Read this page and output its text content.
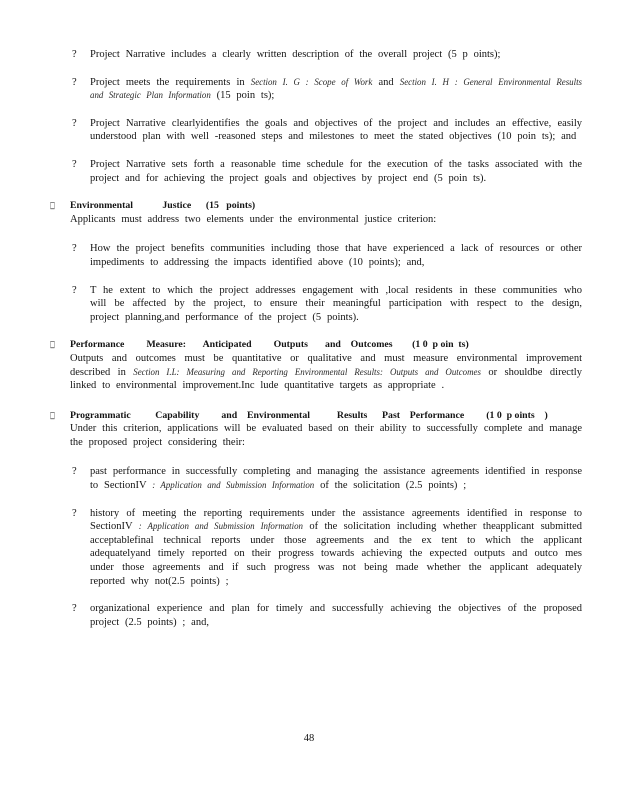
?	Project Narrative includes a clearly written description of the overall project (5 p oints);

?	Project meets the requirements in Section I. G : Scope of Work and Section I. H : General Environmental Results and Strategic Plan Information (15 poin ts);

?	Project Narrative clearlyidentifies the goals and objectives of the project and includes an effective, easily understood plan with well -reasoned steps and milestones to meet the stated objectives (10 poin ts); and

?	Project Narrative sets forth a reasonable time schedule for the execution of the tasks associated with the project and for achieving the project goals and objectives by project end (5 poin ts).

□	Environmental            Justice      (15   points)
Applicants must address two elements under the environmental justice criterion:

?	How the project benefits communities including those that have experienced a lack of resources or other impediments to addressing the impacts identified above (10 points); and,

?	T he extent to which the project addresses engagement with ,local residents in these communities who will be affected by the project, to ensure their meaningful participation with respect to the design, project planning,and performance of the project (5 points).

□	Performance         Measure:       Anticipated         Outputs       and    Outcomes        (1 0  p oin  ts)
Outputs and outcomes must be quantitative or qualitative and must measure environmental improvement described in Section I.L: Measuring and Reporting Environmental Results: Outputs and Outcomes or shouldbe directly linked to environmental improvement.Inc lude quantitative targets as appropriate .

□	Programmatic          Capability         and    Environmental           Results      Past    Performance         (1 0  p oints    )
Under this criterion, applications will be evaluated based on their ability to successfully complete and manage the proposed project considering their:

?	past performance in successfully completing and managing the assistance agreements identified in response to SectionIV : Application and Submission Information of the solicitation (2.5 points) ;

?	history of meeting the reporting requirements under the assistance agreements identified in response to SectionIV : Application and Submission Information of the solicitation including whether theapplicant submitted acceptablefinal technical reports under those agreements and the ex tent to which the applicant adequatelyand timely reported on their progress towards achieving the expected outputs and outco mes under those agreements and if such progress was not being made whether the applicant adequately reported why not(2.5 points) ;

?	organizational experience and plan for timely and successfully achieving the objectives of the proposed project (2.5 points) ; and,

48
